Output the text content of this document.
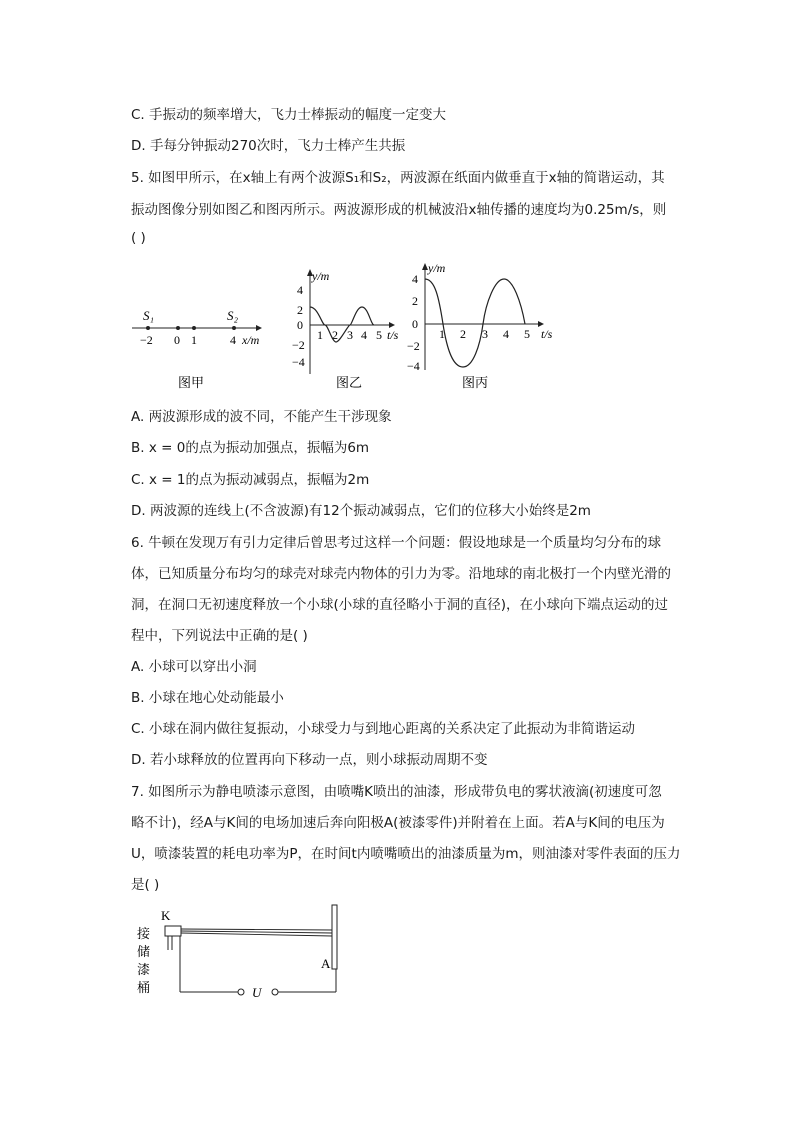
C. 手振动的频率增大，飞力士棒振动的幅度一定变大
D. 手每分钟振动270次时，飞力士棒产生共振
5. 如图甲所示，在x轴上有两个波源S₁和S₂，两波源在纸面内做垂直于x轴的简谐运动，其
振动图像分别如图乙和图丙所示。两波源形成的机械波沿x轴传播的速度均为0.25m/s，则
( )
S₁	S₂
−2 0 1	4 x/m
图甲
y/m
t/s
4
2
0
−2
−4
1 2 3 4 5
图乙
y/m
t/s
4
2
0
−2
−4
1 2 3 4 5
图丙
A. 两波源形成的波不同，不能产生干涉现象
B. x = 0的点为振动加强点，振幅为6m
C. x = 1的点为振动减弱点，振幅为2m
D. 两波源的连线上(不含波源)有12个振动减弱点，它们的位移大小始终是2m
6. 牛顿在发现万有引力定律后曾思考过这样一个问题：假设地球是一个质量均匀分布的球
体，已知质量分布均匀的球壳对球壳内物体的引力为零。沿地球的南北极打一个内壁光滑的
洞，在洞口无初速度释放一个小球(小球的直径略小于洞的直径)，在小球向下端点运动的过
程中，下列说法中正确的是( )
A. 小球可以穿出小洞
B. 小球在地心处动能最小
C. 小球在洞内做往复振动，小球受力与到地心距离的关系决定了此振动为非简谐运动
D. 若小球释放的位置再向下移动一点，则小球振动周期不变
7. 如图所示为静电喷漆示意图，由喷嘴K喷出的油漆，形成带负电的雾状液滴(初速度可忽
略不计)，经A与K间的电场加速后奔向阳极A(被漆零件)并附着在上面。若A与K间的电压为
U，喷漆装置的耗电功率为P，在时间t内喷嘴喷出的油漆质量为m，则油漆对零件表面的压力
是( )
K
接
储
漆
桶
A
U
